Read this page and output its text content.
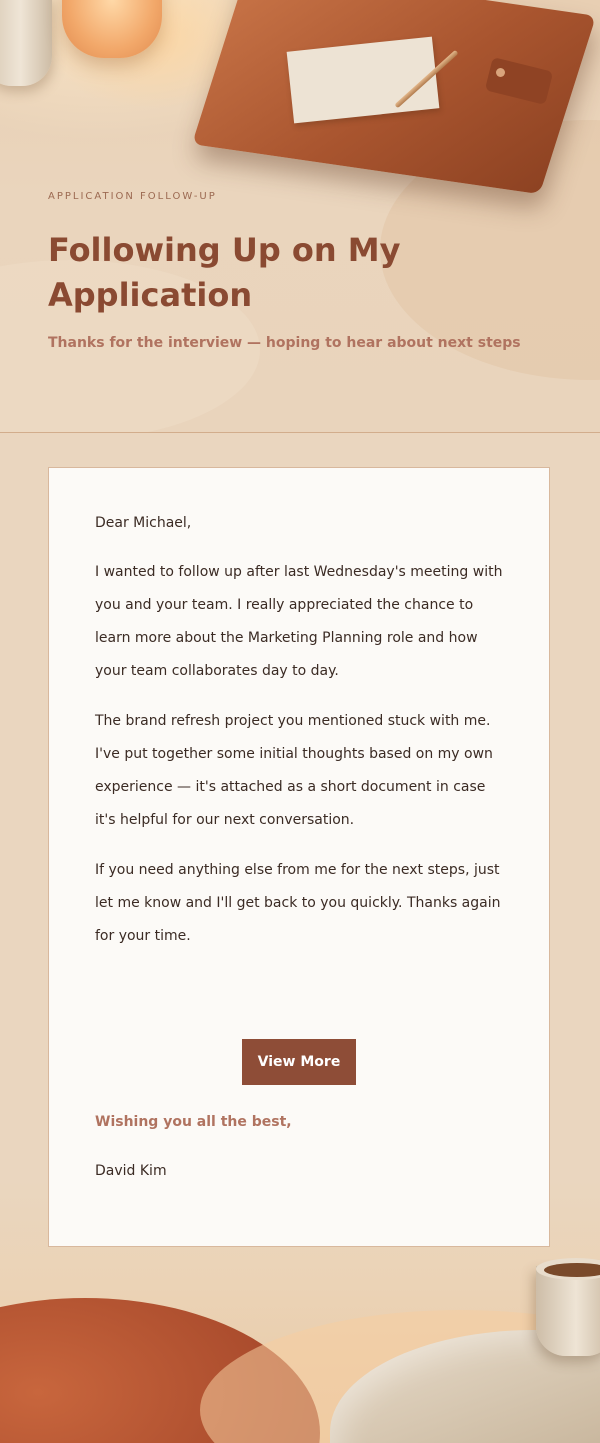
APPLICATION FOLLOW-UP
Following Up on My Application
Thanks for the interview — hoping to hear about next steps

Dear Michael,

I wanted to follow up after last Wednesday's meeting with you and your team. I really appreciated the chance to learn more about the Marketing Planning role and how your team collaborates day to day.

The brand refresh project you mentioned stuck with me. I've put together some initial thoughts based on my own experience — it's attached as a short document in case it's helpful for our next conversation.

If you need anything else from me for the next steps, just let me know and I'll get back to you quickly. Thanks again for your time.

View More
Wishing you all the best,
David Kim
